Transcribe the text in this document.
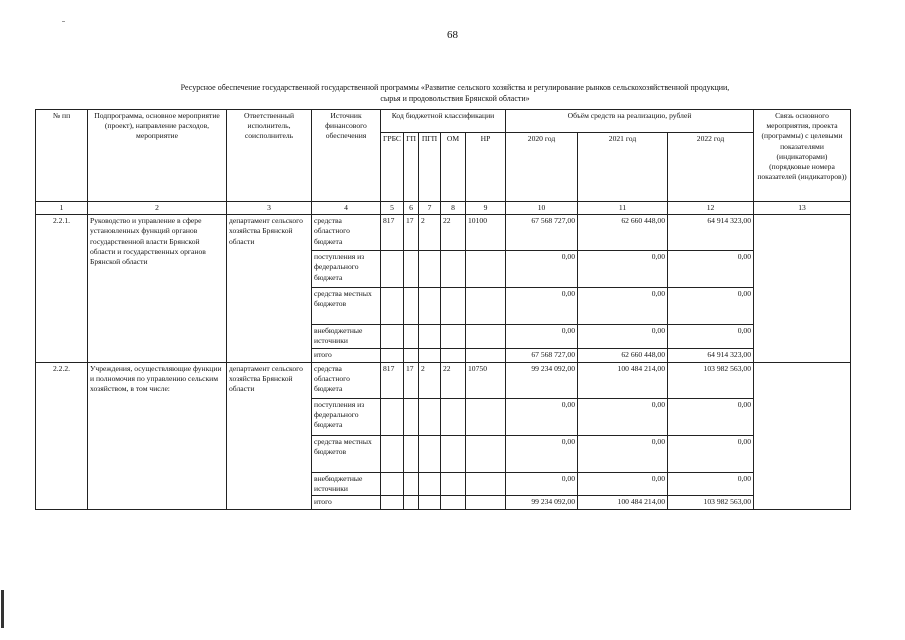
68
Ресурсное обеспечение государственной государственной программы «Развитие сельского хозяйства и регулирование рынков сельскохозяйственной продукции,
сырья и продовольствия Брянской области»
№ пп	Подпрограмма, основное мероприятие (проект), направление расходов, мероприятие	Ответственный исполнитель, соисполнитель	Источник финансового обеспечения	Код бюджетной классификации					Объём средств на реализацию, рублей			Связь основного мероприятия, проекта (программы) с целевыми показателями (индикаторами) (порядковые номера показателей (индикаторов))
				ГРБС	ГП	ПГП	ОМ	НР	2020 год	2021 год	2022 год	
1	2	3	4	5	6	7	8	9	10	11	12	13
2.2.1.	Руководство и управление в сфере установленных функций органов государственной власти Брянской области и государственных органов Брянской области	департамент сельского хозяйства Брянской области	средства областного бюджета	817	17	2	22	10100	67 568 727,00	62 660 448,00	64 914 323,00	
			поступления из федерального бюджета						0,00	0,00	0,00	
			средства местных бюджетов						0,00	0,00	0,00	
			внебюджетные источники						0,00	0,00	0,00	
			итого						67 568 727,00	62 660 448,00	64 914 323,00	
2.2.2.	Учреждения, осуществляющие функции и полномочия по управлению сельским хозяйством, в том числе:	департамент сельского хозяйства Брянской области	средства областного бюджета	817	17	2	22	10750	99 234 092,00	100 484 214,00	103 982 563,00	
			поступления из федерального бюджета						0,00	0,00	0,00	
			средства местных бюджетов						0,00	0,00	0,00	
			внебюджетные источники						0,00	0,00	0,00	
			итого						99 234 092,00	100 484 214,00	103 982 563,00	
